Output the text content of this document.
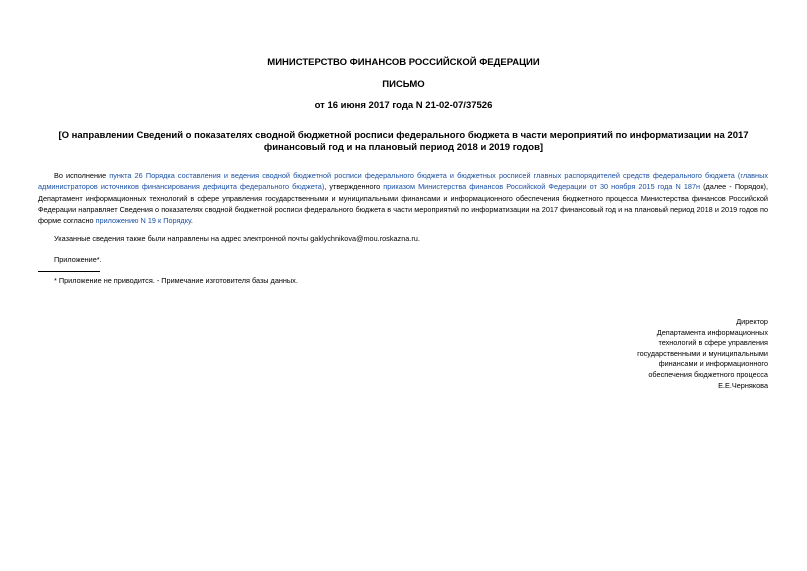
МИНИСТЕРСТВО ФИНАНСОВ РОССИЙСКОЙ ФЕДЕРАЦИИ
ПИСЬМО
от 16 июня 2017 года N 21-02-07/37526
[О направлении Сведений о показателях сводной бюджетной росписи федерального бюджета в части мероприятий по информатизации на 2017 финансовый год и на плановый период 2018 и 2019 годов]
Во исполнение пункта 26 Порядка составления и ведения сводной бюджетной росписи федерального бюджета и бюджетных росписей главных распорядителей средств федерального бюджета (главных администраторов источников финансирования дефицита федерального бюджета), утвержденного приказом Министерства финансов Российской Федерации от 30 ноября 2015 года N 187н (далее - Порядок), Департамент информационных технологий в сфере управления государственными и муниципальными финансами и информационного обеспечения бюджетного процесса Министерства финансов Российской Федерации направляет Сведения о показателях сводной бюджетной росписи федерального бюджета в части мероприятий по информатизации на 2017 финансовый год и на плановый период 2018 и 2019 годов по форме согласно приложению N 19 к Порядку.
Указанные сведения также были направлены на адрес электронной почты gaklychnikova@mou.roskazna.ru.
Приложение*.
* Приложение не приводится. - Примечание изготовителя базы данных.
Директор
Департамента информационных
технологий в сфере управления
государственными и муниципальными
финансами и информационного
обеспечения бюджетного процесса
Е.Е.Чернякова
